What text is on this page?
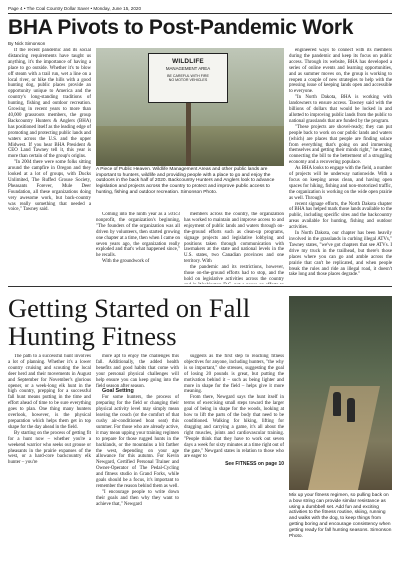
Page 4 • The Coal Country Dollar Saver • Monday, June 15, 2020
BHA Pivots to Post-Pandemic Work
By Nick Simonson

If the recent pandemic and its social distancing requirements have taught us anything, it's the importance of having a place to go outside. Whether it's to blow off steam with a trail run, wet a line on a local river, or hike the hills with a good hunting dog, public places provide an opportunity unique to America and the country's long-standing traditions of hunting, fishing and outdoor recreation. Growing in recent years to more than 40,000 grassroots members, the group Backcountry Hunters & Anglers (BHA) has positioned itself as the leading edge of promoting and protecting public lands and waters across the U.S. and the upper Midwest. If you hear BHA President & CEO Land Tawney tell it, this year is more than certain of the group's origins.

"In 2004 there were some folks sitting around the campfire in Oregon and they looked at a lot of groups, with Ducks Unlimited, The Ruffed Grouse Society, Pheasants Forever, Mule Deer Foundation, all these organizations doing very awesome work, but back-country was really something that needed a voice," Tawney said.

WILDLIFE
MANAGEMENT AREA
BE CAREFUL WITH FIRE
NO MOTOR VEHICLES
A Piece of Public Heaven. Wildlife Management Areas and other public lands are important to hunters, wildlife and providing people with a place to go and enjoy the outdoors in the back half of 2020. Backcountry Hunters and Anglers look to advance legislation and projects across the country to protect and improve public access to hunting, fishing and outdoor recreation. Simonson Photo.

Coming into the ninth year as a 501c3 nonprofit, the organization's beginning, "The founders of the organization was all driven by volunteers, then started growing one chapter at a time, then when I came on seven years ago, the organization really exploded and that's what happened since," he recalls.

With the groundwork of

members across the country, the organization has worked to maintain and improve access to and enjoyment of public lands and waters through on-the-ground efforts such as clean-up programs, signage projects and legislative lobbying and positions taken through communication with lawmakers at the state and national levels in the U.S. states, two Canadian provinces and one territory. With

the pandemic and its restrictions, however, those on-the-ground efforts had to stop, and the hold on legislative activities across the country

engineered ways to connect with its members during the pandemic and keep its focus on public access. Through its website, BHA has developed a series of online events and learning opportunities, and as summer moves on, the group is working to reopen a couple of new strategies to help with the pressing issue of keeping lands open and accessible to everyone.

"In North Dakota, BHA is working with landowners to ensure access. Tawney said with the billions of dollars that would be locked in and allotted to improving public lands from the public to national grasslands that are funded by the program.

"These projects are shovel-ready; they can put people back to work on our public lands and waters (which) are places that people are finding solace from everything that's going on and immersing themselves and getting their minds right," he stated, connecting the bill to the betterment of a struggling economy and a recovering populace.

As BHA looks to engage with the field, a number of projects will be underway nationwide. With a focus on keeping areas clean, and having open spaces for hiking, fishing and non-motorized traffic, the organization is working on the wide open prairie as well. Through

recent signage efforts, the North Dakota chapter of BHA has helped mark those lands available to the public, including specific sites and the backcountry areas available for hunting, fishing and outdoor activities.

In North Dakota, our chapter has been heavily involved in the grasslands in curbing illegal ATVs," Tawney states, "we've got chapters that see ATVs. I drive my truck in the trailhead, but there's those places where you can go and amble across the prairie that can't be replicated, and when people break the rules and ride an illegal road, it doesn't take long and those places degrade."

Getting Started on Fall Hunting Fitness

The path to a successful hunt involves a lot of planning. Whether it's a lower country cruising and scouting the local deer herd and their movements in August and September for November's glorious opener, or a week-long elk hunt in the high country, prepping for a successful fall hunt means putting in the time and effort ahead of time to be sure everything goes to plan. One thing many hunters overlook, however, is the physical preparation which helps them get in top shape for the day ahead in the field.

By starting on the process of getting fit for a hunt now – whether you're a weekend warrior who seeks out grouse or pheasants in the prairie expanses of the west, or a hard-core backcountry elk hunter – you're

more apt to enjoy the challenges this fall. Additionally, the added health benefits and good habits that come with your personal physical challenges will help ensure you can keep going into the field season after season.

Goal Setting

For some hunters, the process of preparing for the field or changing their physical activity level may simply mean leaving the couch (or the comfort of that cushy air-conditioned boat seat) this summer. For those who are already active, it may mean upping your training regimen to prepare for those rugged hunts in the backlands, or the mountains a bit farther the west, depending on your age allowance for this autumn. For Kevin Newgard, Certified Personal Trainer and Owner-Operator of The Pedal-Cycling and fitness studio in Grand Forks, while goals should be a focus, it's important to remember the reason behind them as well.

"I encourage people to write down their goals and then why they want to achieve that," Newgard

suggests as the first step to reaching fitness objectives for anyone, including hunters, "the why is so important," she stresses, suggesting the goal of losing 20 pounds is great, but putting the motivation behind it – such as being lighter and more in shape for the field – helps give it more meaning.

From there, Newgard says the hunt itself in terms of exercising small steps toward the larger goal of being in shape for the woods, looking at how to lift the parts of the body that need to be conditioned. Walking for hiking, lifting for dragging and carrying a game, it's all about the right muscles, joints and cardiovascular training. "People think that they have to work out seven days a week for sixty minutes at a time right out of the gate," Newgard states in relation to those who are eager to

See FITNESS on page 10
Mix up your fitness regimen, so pulling back on a bow string can provide similar resistance as using a dumbbell set. Add fun and exciting activities to the fitness routine, skiing, running and walks with the dog, to keep things from getting boring and encourage consistency when getting ready for fall hunting seasons. Simonson Photo.
